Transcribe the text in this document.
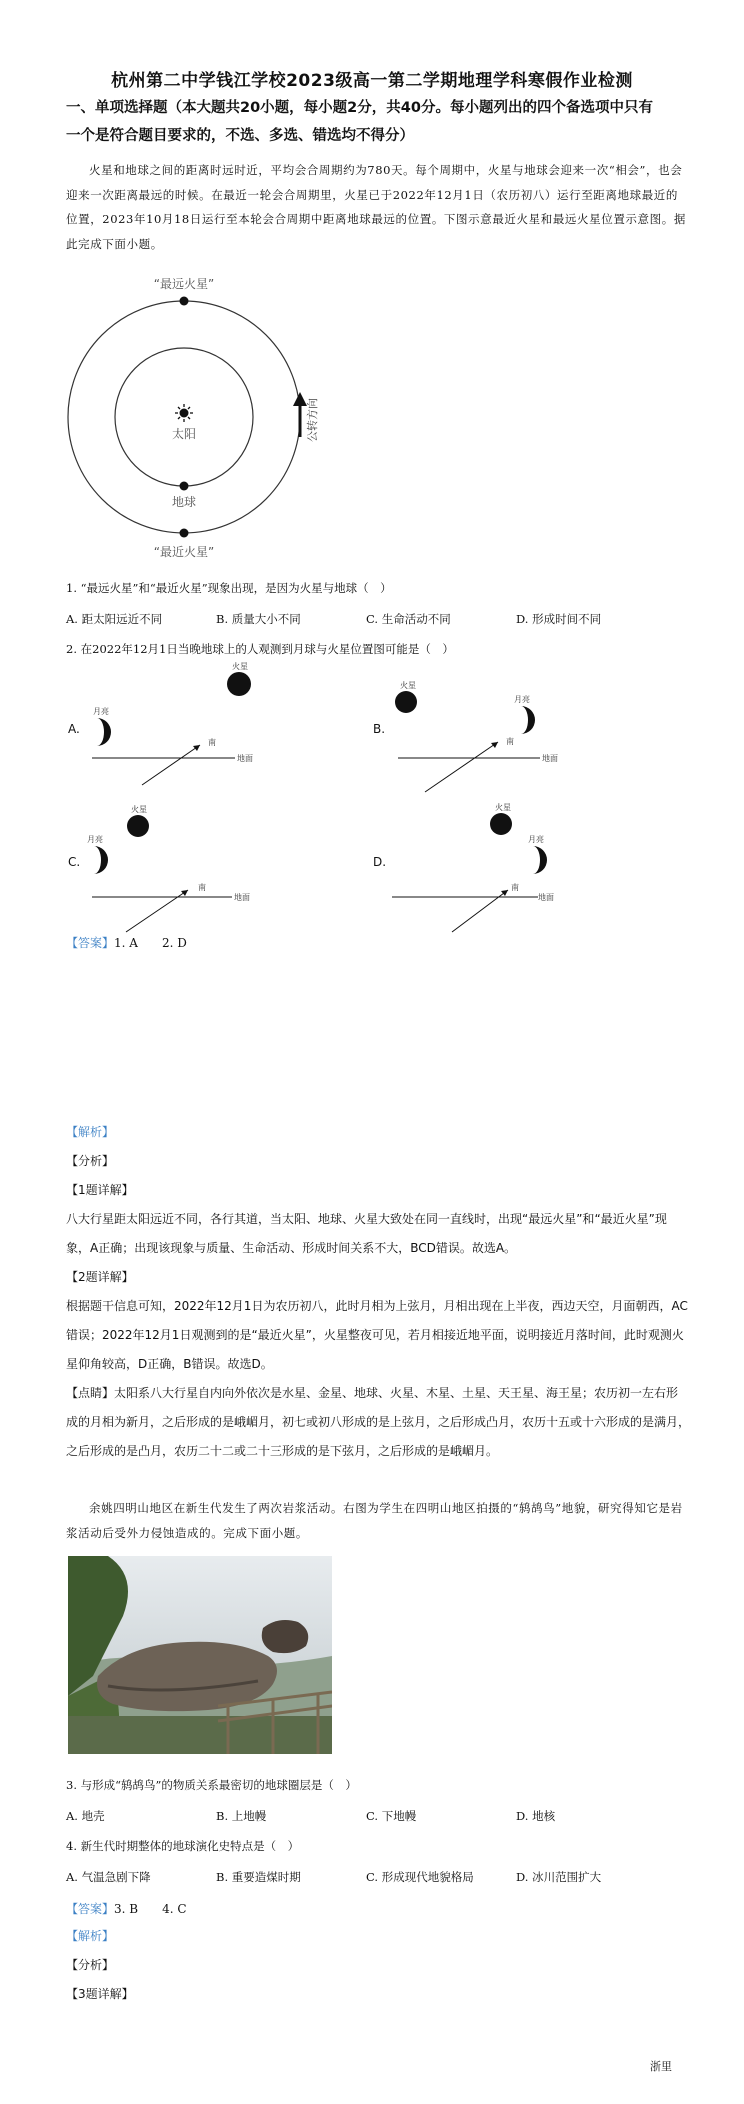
杭州第二中学钱江学校2023级高一第二学期地理学科寒假作业检测
一、单项选择题（本大题共20小题，每小题2分，共40分。每小题列出的四个备选项中只有
一个是符合题目要求的，不选、多选、错选均不得分）
火星和地球之间的距离时远时近，平均会合周期约为780天。每个周期中，火星与地球会迎来一次“相会”，也会迎来一次距离最远的时候。在最近一轮会合周期里，火星已于2022年12月1日（农历初八）运行至距离地球最近的位置，2023年10月18日运行至本轮会合周期中距离地球最远的位置。下图示意最近火星和最远火星位置示意图。据此完成下面小题。
“最远火星”
“最近火星”
太阳
地球
公转方向
1. “最远火星”和“最近火星”现象出现，是因为火星与地球（　）
A. 距太阳远近不同	B. 质量大小不同	C. 生命活动不同	D. 形成时间不同
2. 在2022年12月1日当晚地球上的人观测到月球与火星位置图可能是（　）
A.
月亮
火星
地面
南
B.
火星
月亮
地面
南
C.
月亮
火星
地面
南
D.
火星
月亮
地面
南
【答案】1. A　　2. D
【解析】
【分析】
【1题详解】
八大行星距太阳远近不同，各行其道，当太阳、地球、火星大致处在同一直线时，出现“最远火星”和“最近火星”现象，A正确；出现该现象与质量、生命活动、形成时间关系不大，BCD错误。故选A。
【2题详解】
根据题干信息可知，2022年12月1日为农历初八，此时月相为上弦月，月相出现在上半夜，西边天空，月面朝西，AC错误；2022年12月1日观测到的是“最近火星”，火星整夜可见，若月相接近地平面，说明接近月落时间，此时观测火星仰角较高，D正确，B错误。故选D。
【点睛】太阳系八大行星自内向外依次是水星、金星、地球、火星、木星、土星、天王星、海王星；农历初一左右形成的月相为新月，之后形成的是峨嵋月，初七或初八形成的是上弦月，之后形成凸月，农历十五或十六形成的是满月，之后形成的是凸月，农历二十二或二十三形成的是下弦月，之后形成的是峨嵋月。
余姚四明山地区在新生代发生了两次岩浆活动。右图为学生在四明山地区拍摄的“鸫鸪鸟”地貌，研究得知它是岩浆活动后受外力侵蚀造成的。完成下面小题。
3. 与形成“鸫鸪鸟”的物质关系最密切的地球圈层是（　）
A. 地壳	B. 上地幔	C. 下地幔	D. 地核
4. 新生代时期整体的地球演化史特点是（　）
A. 气温急剧下降	B. 重要造煤时期	C. 形成现代地貌格局	D. 冰川范围扩大
【答案】3. B　　4. C
【解析】
【分析】
【3题详解】
浙里
